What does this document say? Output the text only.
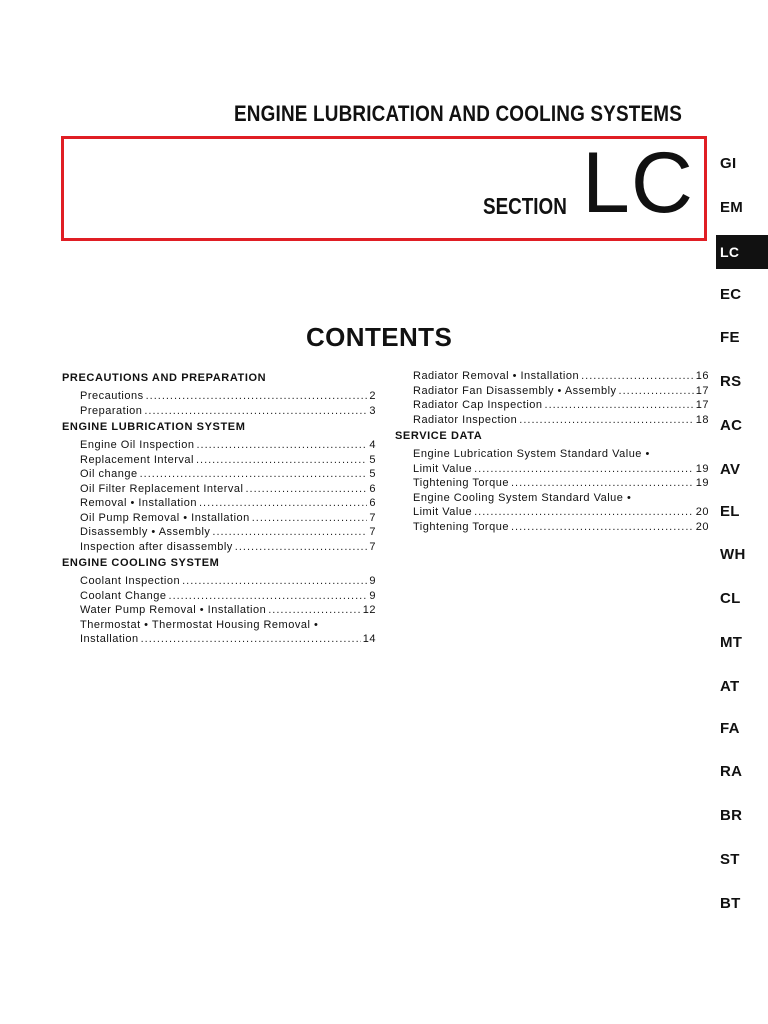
ENGINE LUBRICATION AND COOLING SYSTEMS
SECTION LC
CONTENTS
PRECAUTIONS AND PREPARATION
Precautions .....	2
Preparation .....	3
ENGINE LUBRICATION SYSTEM
Engine Oil Inspection .....	4
Replacement Interval .....	5
Oil change .....	5
Oil Filter Replacement Interval .....	6
Removal • Installation .....	6
Oil Pump Removal • Installation .....	7
Disassembly • Assembly .....	7
Inspection after disassembly .....	7
ENGINE COOLING SYSTEM
Coolant Inspection .....	9
Coolant Change .....	9
Water Pump Removal • Installation .....	12
Thermostat • Thermostat Housing Removal •
Installation .....	14
Radiator Removal • Installation .....	16
Radiator Fan Disassembly • Assembly .....	17
Radiator Cap Inspection .....	17
Radiator Inspection .....	18
SERVICE DATA
Engine Lubrication System Standard Value •
Limit Value .....	19
Tightening Torque .....	19
Engine Cooling System Standard Value •
Limit Value .....	20
Tightening Torque .....	20
GI
EM
LC
EC
FE
RS
AC
AV
EL
WH
CL
MT
AT
FA
RA
BR
ST
BT
